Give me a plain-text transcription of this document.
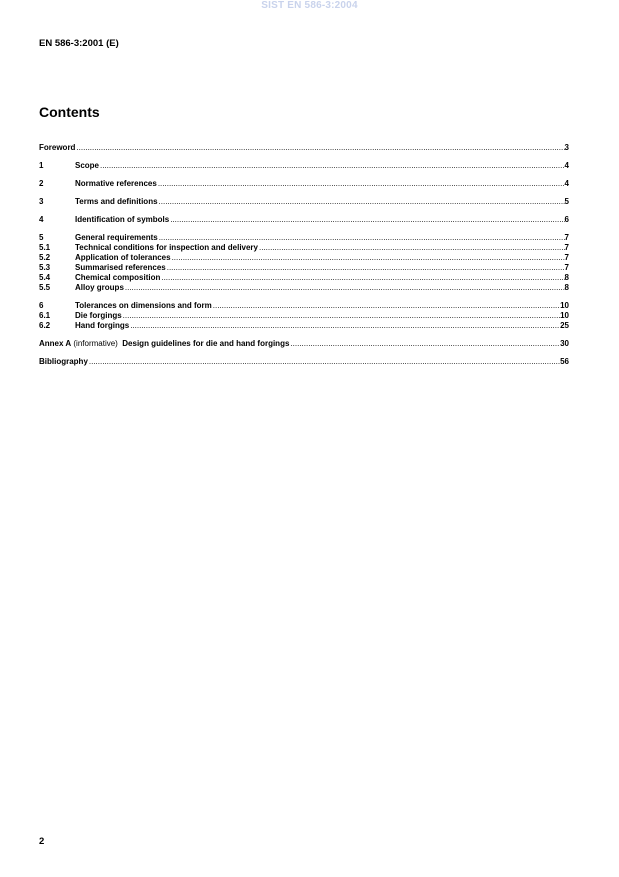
SIST EN 586-3:2004
EN 586-3:2001 (E)
Contents
Foreword .....	3
1	Scope .....	4
2	Normative references .....	4
3	Terms and definitions .....	5
4	Identification of symbols .....	6
5	General requirements .....	7
5.1	Technical conditions for inspection and delivery .....	7
5.2	Application of tolerances .....	7
5.3	Summarised references .....	7
5.4	Chemical composition .....	8
5.5	Alloy groups .....	8
6	Tolerances on dimensions and form .....	10
6.1	Die forgings .....	10
6.2	Hand forgings .....	25
Annex A (informative) Design guidelines for die and hand forgings .....	30
Bibliography .....	56
2
